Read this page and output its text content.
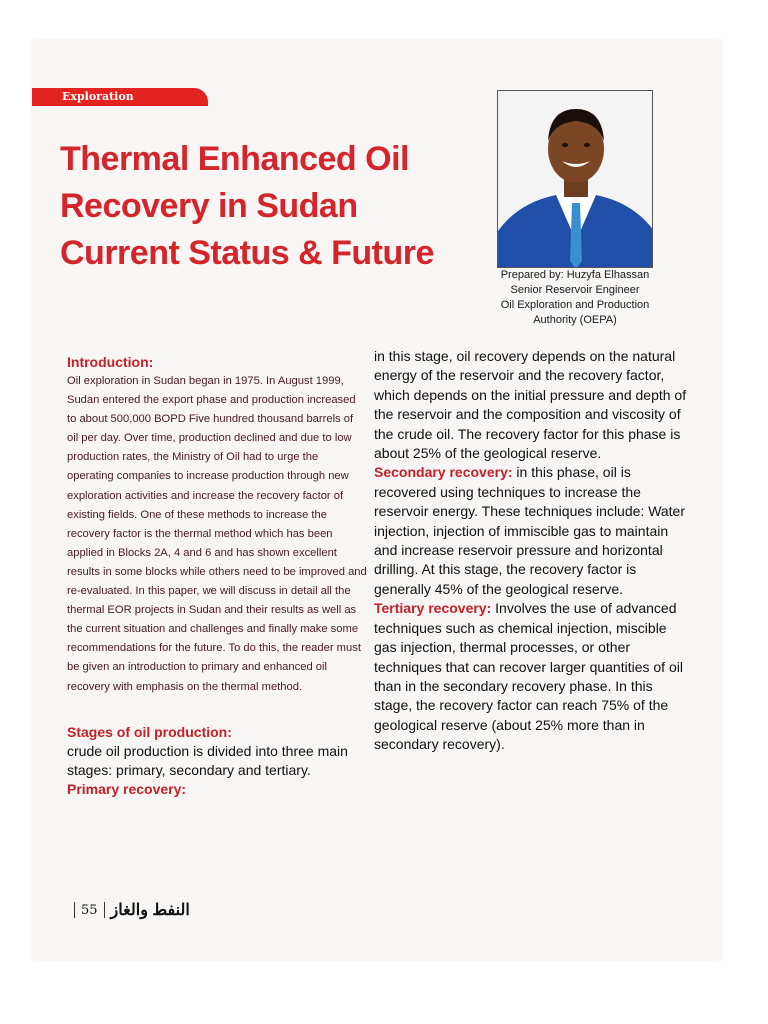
Exploration
Thermal Enhanced Oil
Recovery in Sudan
Current Status & Future
Prepared by: Huzyfa Elhassan
Senior Reservoir Engineer
Oil Exploration and Production
Authority (OEPA)
Introduction:

Oil exploration in Sudan began in 1975. In August 1999, Sudan entered the export phase and production increased to about 500,000 BOPD Five hundred thousand barrels of oil per day. Over time, production declined and due to low production rates, the Ministry of Oil had to urge the operating companies to increase production through new exploration activities and increase the recovery factor of existing fields. One of these methods to increase the recovery factor is the thermal method which has been applied in Blocks 2A, 4 and 6 and has shown excellent results in some blocks while others need to be improved and re-evaluated. In this paper, we will discuss in detail all the thermal EOR projects in Sudan and their results as well as the current situation and challenges and finally make some recommendations for the future. To do this, the reader must be given an introduction to primary and enhanced oil recovery with emphasis on the thermal method.

Stages of oil production:

crude oil production is divided into three main stages: primary, secondary and tertiary.

Primary recovery:

in this stage, oil recovery depends on the natural energy of the reservoir and the recovery factor, which depends on the initial pressure and depth of the reservoir and the composition and viscosity of the crude oil. The recovery factor for this phase is about 25% of the geological reserve.

Secondary recovery: in this phase, oil is recovered using techniques to increase the reservoir energy. These techniques include: Water injection, injection of immiscible gas to maintain and increase reservoir pressure and horizontal drilling. At this stage, the recovery factor is generally 45% of the geological reserve.

Tertiary recovery: Involves the use of advanced techniques such as chemical injection, miscible gas injection, thermal processes, or other techniques that can recover larger quantities of oil than in the secondary recovery phase. In this stage, the recovery factor can reach 75% of the geological reserve (about 25% more than in secondary recovery).

55 النفط والغاز
